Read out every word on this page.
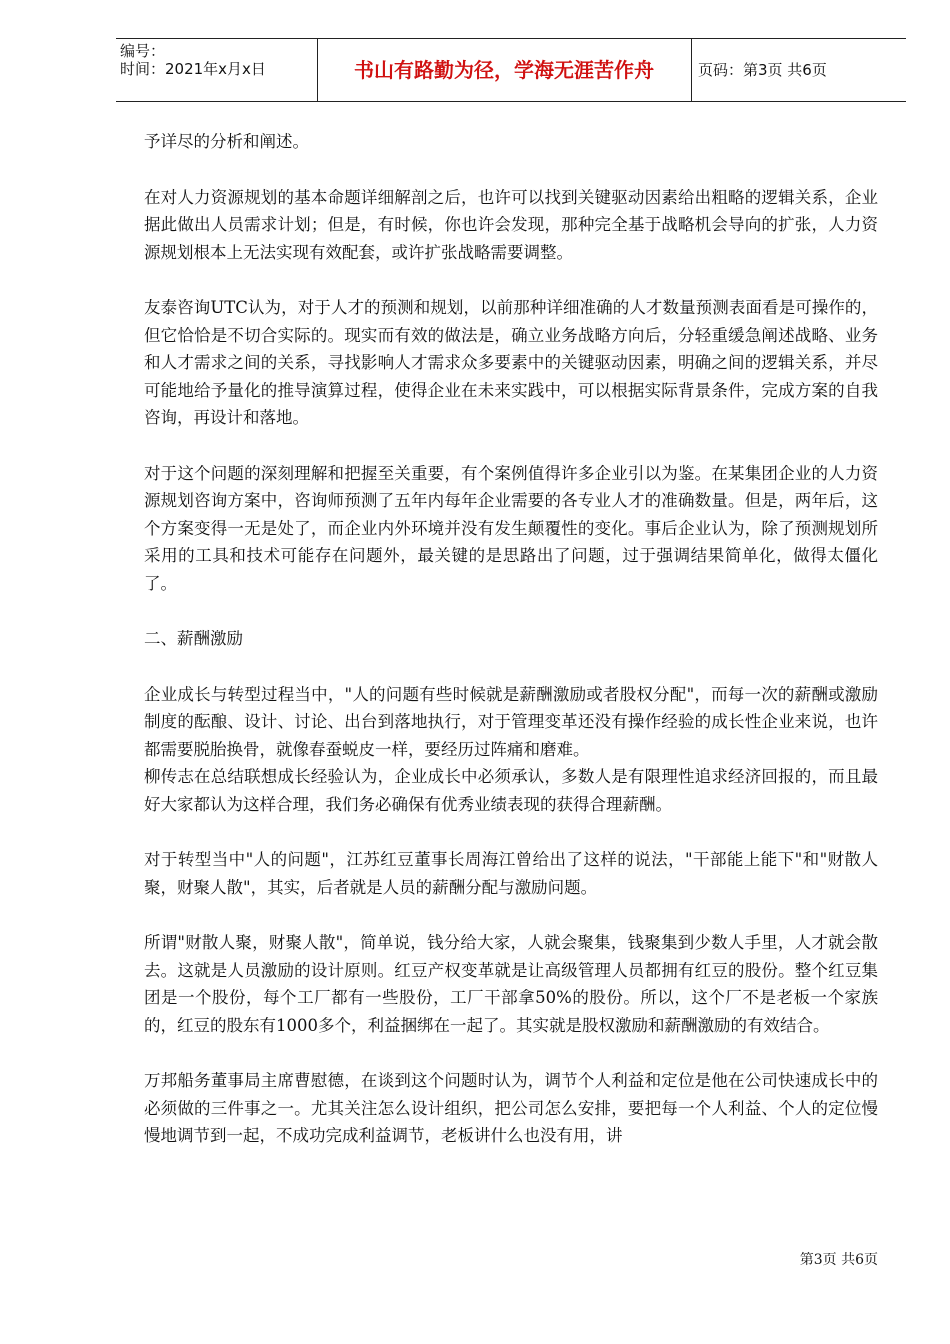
编号：
时间：2021年x月x日	书山有路勤为径，学海无涯苦作舟	页码：第3页 共6页

予详尽的分析和阐述。

在对人力资源规划的基本命题详细解剖之后，也许可以找到关键驱动因素给出粗略的逻辑关系，企业据此做出人员需求计划；但是，有时候，你也许会发现，那种完全基于战略机会导向的扩张，人力资源规划根本上无法实现有效配套，或许扩张战略需要调整。

友泰咨询UTC认为，对于人才的预测和规划，以前那种详细准确的人才数量预测表面看是可操作的，但它恰恰是不切合实际的。现实而有效的做法是，确立业务战略方向后，分轻重缓急阐述战略、业务和人才需求之间的关系，寻找影响人才需求众多要素中的关键驱动因素，明确之间的逻辑关系，并尽可能地给予量化的推导演算过程，使得企业在未来实践中，可以根据实际背景条件，完成方案的自我咨询，再设计和落地。

对于这个问题的深刻理解和把握至关重要，有个案例值得许多企业引以为鉴。在某集团企业的人力资源规划咨询方案中，咨询师预测了五年内每年企业需要的各专业人才的准确数量。但是，两年后，这个方案变得一无是处了，而企业内外环境并没有发生颠覆性的变化。事后企业认为，除了预测规划所采用的工具和技术可能存在问题外，最关键的是思路出了问题，过于强调结果简单化，做得太僵化了。

二、薪酬激励

企业成长与转型过程当中，"人的问题有些时候就是薪酬激励或者股权分配"，而每一次的薪酬或激励制度的酝酿、设计、讨论、出台到落地执行，对于管理变革还没有操作经验的成长性企业来说，也许都需要脱胎换骨，就像春蚕蜕皮一样，要经历过阵痛和磨难。

柳传志在总结联想成长经验认为，企业成长中必须承认，多数人是有限理性追求经济回报的，而且最好大家都认为这样合理，我们务必确保有优秀业绩表现的获得合理薪酬。

对于转型当中"人的问题"，江苏红豆董事长周海江曾给出了这样的说法，"干部能上能下"和"财散人聚，财聚人散"，其实，后者就是人员的薪酬分配与激励问题。

所谓"财散人聚，财聚人散"，简单说，钱分给大家，人就会聚集，钱聚集到少数人手里，人才就会散去。这就是人员激励的设计原则。红豆产权变革就是让高级管理人员都拥有红豆的股份。整个红豆集团是一个股份，每个工厂都有一些股份，工厂干部拿50%的股份。所以，这个厂不是老板一个家族的，红豆的股东有1000多个，利益捆绑在一起了。其实就是股权激励和薪酬激励的有效结合。

万邦船务董事局主席曹慰德，在谈到这个问题时认为，调节个人利益和定位是他在公司快速成长中的必须做的三件事之一。尤其关注怎么设计组织，把公司怎么安排，要把每一个人利益、个人的定位慢慢地调节到一起，不成功完成利益调节，老板讲什么也没有用，讲

第3页 共6页
